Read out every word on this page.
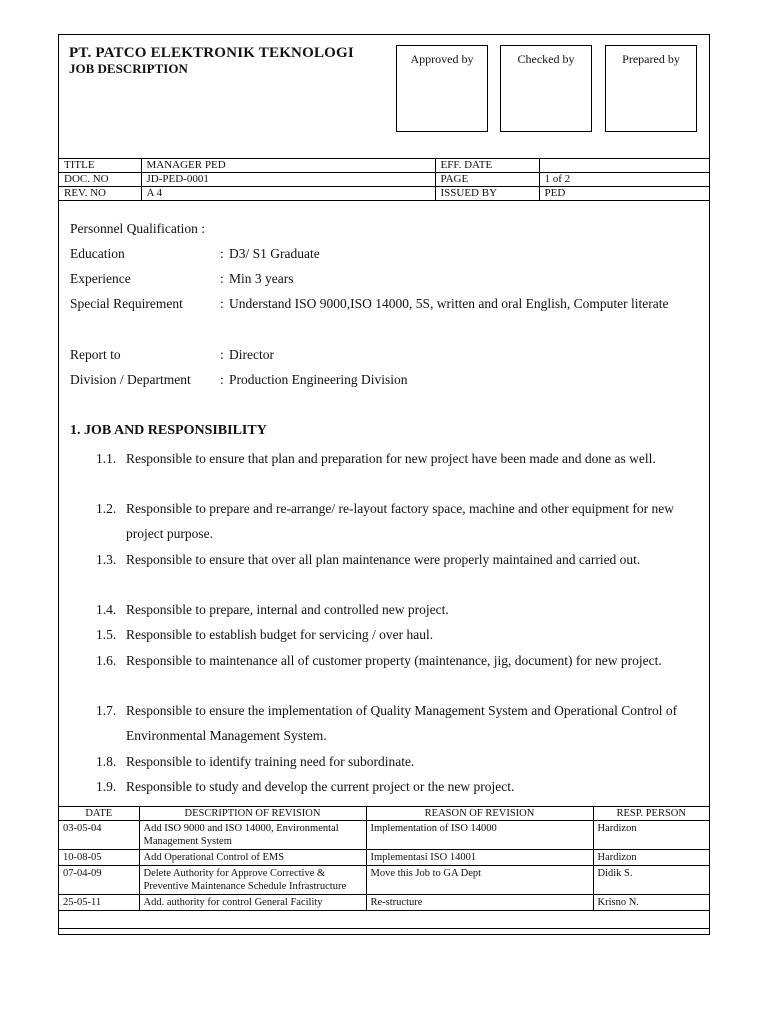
PT. PATCO ELEKTRONIK TEKNOLOGI
JOB DESCRIPTION
Approved by	Checked by	Prepared by
TITLE	MANAGER PED	EFF. DATE	
DOC. NO	JD-PED-0001	PAGE	1 of 2
REV. NO	A 4	ISSUED BY	PED
Personnel Qualification :
Education	: D3/ S1 Graduate
Experience	: Min 3 years
Special Requirement	: Understand ISO 9000,ISO 14000, 5S, written and oral English, Computer literate
Report to	: Director
Division / Department : Production Engineering Division
1. JOB AND RESPONSIBILITY
1.1. Responsible to ensure that plan and preparation for new project have been made and done as well.
1.2. Responsible to prepare and re-arrange/ re-layout factory space, machine and other equipment for new project purpose.
1.3. Responsible to ensure that over all plan maintenance were properly maintained and carried out.
1.4. Responsible to prepare, internal and controlled new project.
1.5. Responsible to establish budget for servicing / over haul.
1.6. Responsible to maintenance all of customer property (maintenance, jig, document) for new project.
1.7. Responsible to ensure the implementation of Quality Management System and Operational Control of Environmental Management System.
1.8. Responsible to identify training need for subordinate.
1.9. Responsible to study and develop the current project or the new project.
DATE	DESCRIPTION OF REVISION	REASON OF REVISION	RESP. PERSON
03-05-04	Add ISO 9000 and ISO 14000, Environmental Management System	Implementation of ISO 14000	Hardizon
10-08-05	Add Operational Control of EMS	Implementasi ISO 14001	Hardizon
07-04-09	Delete Authority for Approve Corrective & Preventive Maintenance Schedule Infrastructure	Move this Job to GA Dept	Didik S.
25-05-11	Add. authority for control General Facility	Re-structure	Krisno N.
